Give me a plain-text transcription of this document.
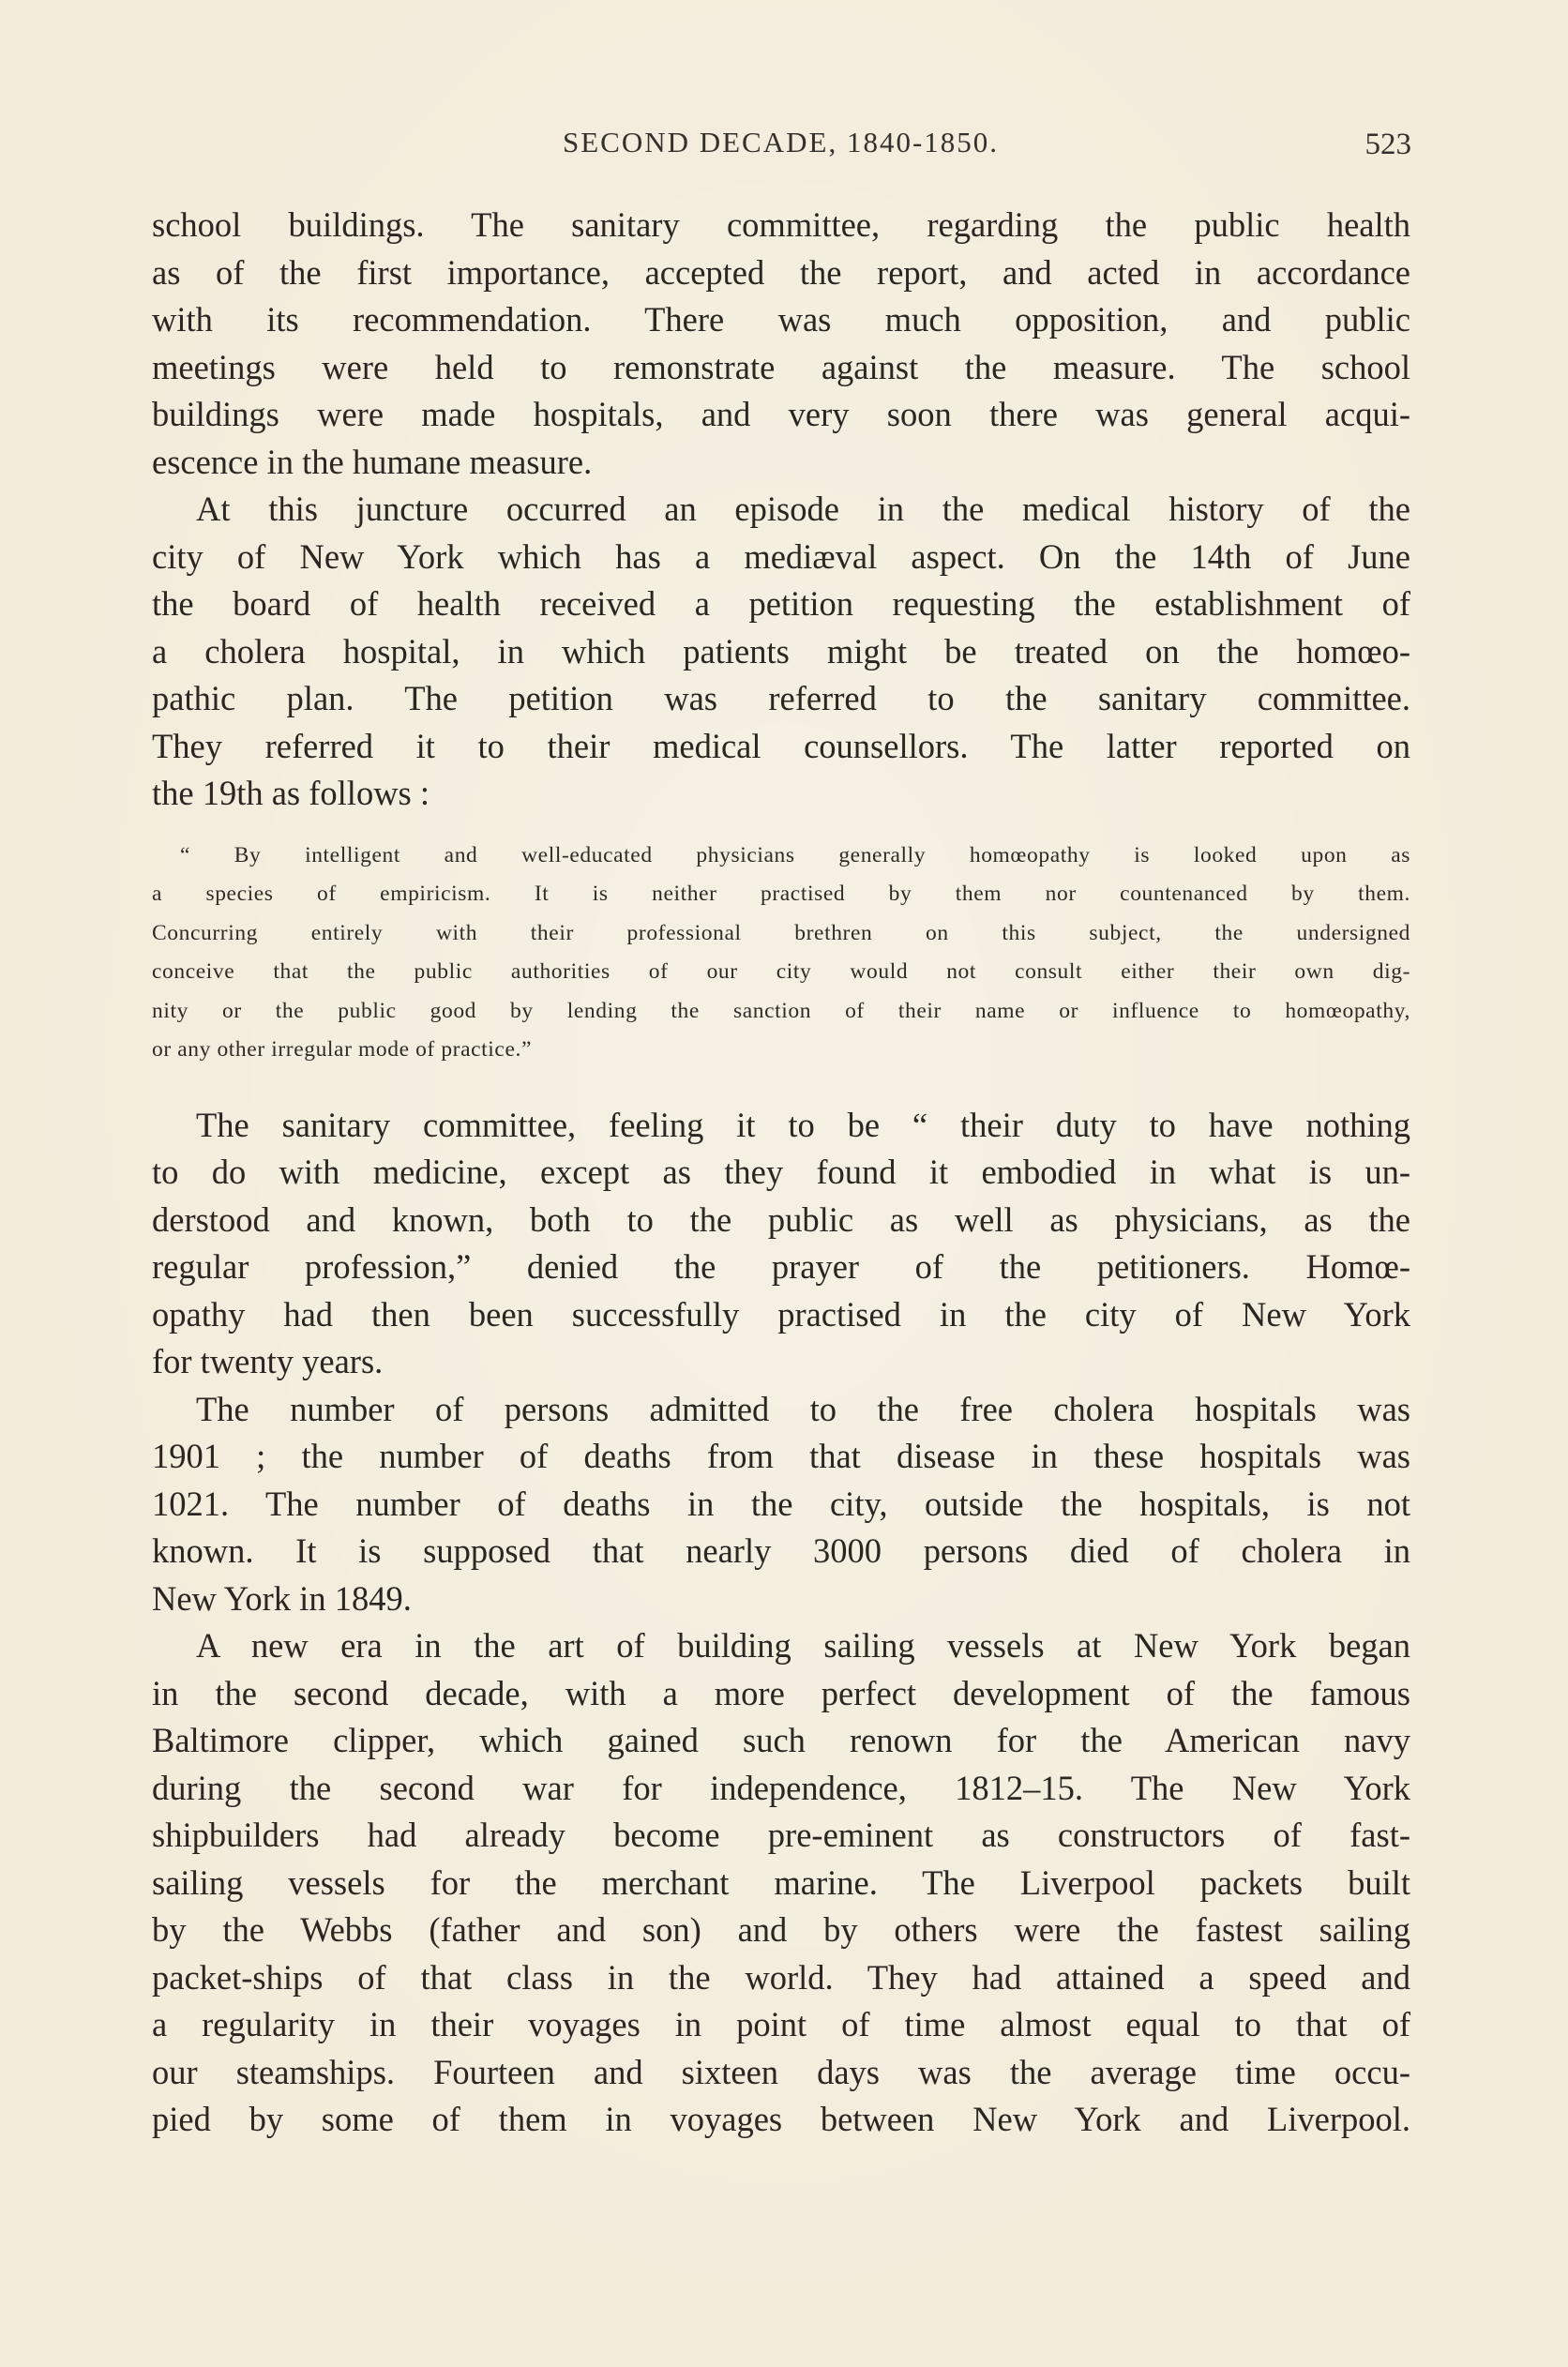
SECOND DECADE, 1840-1850.	523
school buildings. The sanitary committee, regarding the public health
as of the first importance, accepted the report, and acted in accordance
with its recommendation. There was much opposition, and public
meetings were held to remonstrate against the measure. The school
buildings were made hospitals, and very soon there was general acqui-
escence in the humane measure.
At this juncture occurred an episode in the medical history of the
city of New York which has a mediæval aspect. On the 14th of June
the board of health received a petition requesting the establishment of
a cholera hospital, in which patients might be treated on the homœo-
pathic plan. The petition was referred to the sanitary committee.
They referred it to their medical counsellors. The latter reported on
the 19th as follows :
“ By intelligent and well-educated physicians generally homœopathy is looked upon as
a species of empiricism. It is neither practised by them nor countenanced by them.
Concurring entirely with their professional brethren on this subject, the undersigned
conceive that the public authorities of our city would not consult either their own dig-
nity or the public good by lending the sanction of their name or influence to homœopathy,
or any other irregular mode of practice.”
The sanitary committee, feeling it to be “ their duty to have nothing
to do with medicine, except as they found it embodied in what is un-
derstood and known, both to the public as well as physicians, as the
regular profession,” denied the prayer of the petitioners. Homœ-
opathy had then been successfully practised in the city of New York
for twenty years.
The number of persons admitted to the free cholera hospitals was
1901 ; the number of deaths from that disease in these hospitals was
1021. The number of deaths in the city, outside the hospitals, is not
known. It is supposed that nearly 3000 persons died of cholera in
New York in 1849.
A new era in the art of building sailing vessels at New York began
in the second decade, with a more perfect development of the famous
Baltimore clipper, which gained such renown for the American navy
during the second war for independence, 1812–15. The New York
shipbuilders had already become pre-eminent as constructors of fast-
sailing vessels for the merchant marine. The Liverpool packets built
by the Webbs (father and son) and by others were the fastest sailing
packet-ships of that class in the world. They had attained a speed and
a regularity in their voyages in point of time almost equal to that of
our steamships. Fourteen and sixteen days was the average time occu-
pied by some of them in voyages between New York and Liverpool.
